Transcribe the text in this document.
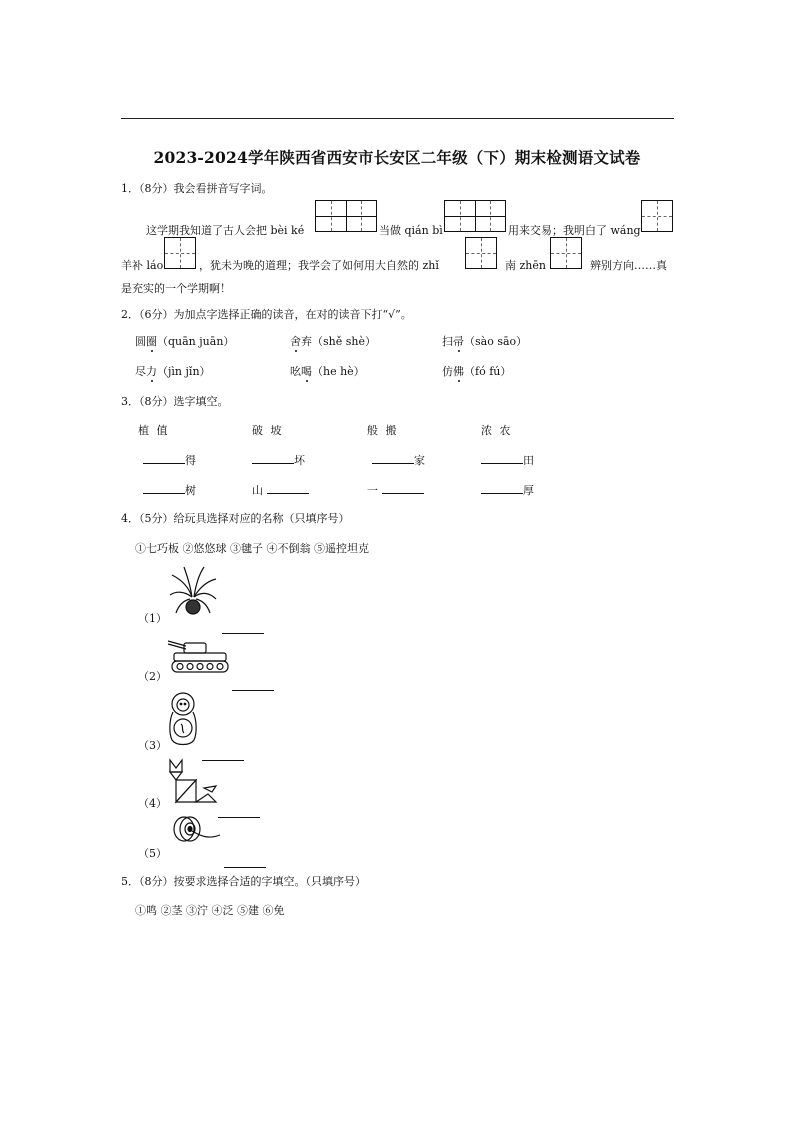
2023-2024学年陕西省西安市长安区二年级（下）期末检测语文试卷
1．（8分）我会看拼音写字词。
这学期我知道了古人会把 bèi ké	当做 qián bì	用来交易；我明白了 wáng
羊补 láo	，犹未为晚的道理；我学会了如何用大自然的 zhǐ	南 zhēn	辨别方向……真
是充实的一个学期啊！
2．（6分）为加点字选择正确的读音，在对的读音下打“√”。
圆圈（quān juān）	舍弃（shě shè）	扫帚（sào sāo）
尽力（jìn jǐn）	吆喝（he hè）	仿佛（fó fú）
3．（8分）选字填空。
植 值	破 坡	般 搬	浓 农
得	坏	家	田
树	山	一	厚
4．（5分）给玩具选择对应的名称（只填序号）
①七巧板 ②悠悠球 ③毽子 ④不倒翁 ⑤遥控坦克
（1）
（2）
（3）
（4）
（5）
5．（8分）按要求选择合适的字填空。（只填序号）
①鸣 ②茎 ③泞 ④泛 ⑤建 ⑥免
